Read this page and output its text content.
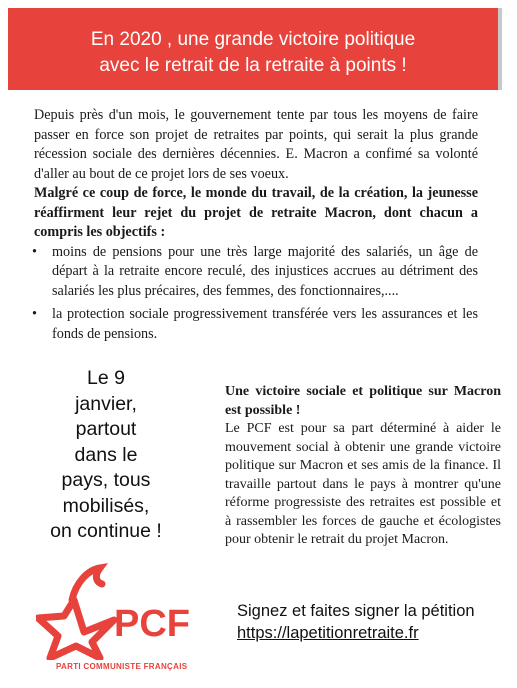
En 2020 , une grande victoire politique
avec le retrait de la retraite à points !

Depuis près d'un mois, le gouvernement tente par tous les moyens de faire passer en force son projet de retraites par points, qui serait la plus grande récession sociale des dernières décennies. E. Macron a confimé sa volonté d'aller au bout de ce projet lors de ses voeux.

Malgré ce coup de force, le monde du travail, de la création, la jeunesse réaffirment leur rejet du projet de retraite Macron, dont chacun a compris les objectifs :

• moins de pensions pour une très large majorité des salariés, un âge de départ à la retraite encore reculé, des injustices accrues au détriment des salariés les plus précaires, des femmes, des fonctionnaires,....
• la protection sociale progressivement transférée vers les assurances et les fonds de pensions.
Le 9
janvier,
partout
dans le
pays, tous
mobilisés,
on continue !

Une victoire sociale et politique sur Macron est possible !

Le PCF est pour sa part déterminé à aider le mouvement social à obtenir une grande victoire politique sur Macron et ses amis de la finance. Il travaille partout dans le pays à montrer qu'une réforme progressiste des retraites est possible et à rassembler les forces de gauche et écologistes pour obtenir le retrait du projet Macron.

PCF
PARTI COMMUNISTE FRANÇAIS
Signez et faites signer la pétition
https://lapetitionretraite.fr
